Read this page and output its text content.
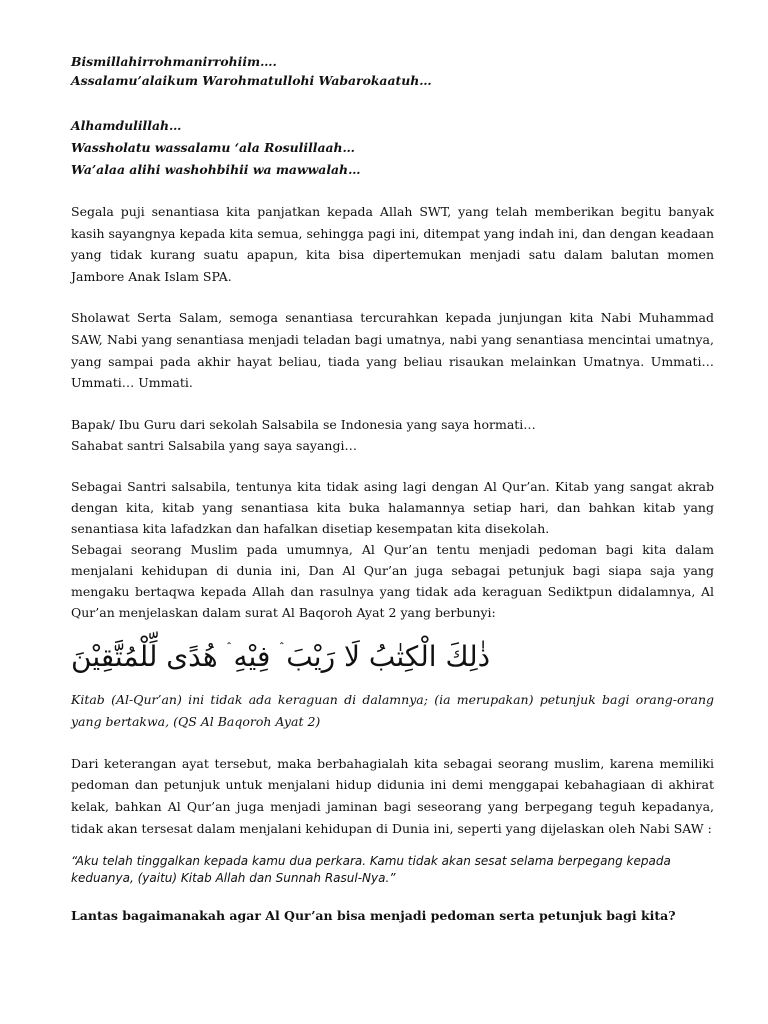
Bismillahirrohmanirrohiim….
Assalamu’alaikum Warohmatullohi Wabarokaatuh…
Alhamdulillah…
Wassholatu wassalamu ‘ala Rosulillaah…
Wa’alaa alihi washohbihii wa mawwalah…

Segala puji senantiasa kita panjatkan kepada Allah SWT, yang telah memberikan begitu banyak kasih sayangnya kepada kita semua, sehingga pagi ini, ditempat yang indah ini, dan dengan keadaan yang tidak kurang suatu apapun, kita bisa dipertemukan menjadi satu dalam balutan momen Jambore Anak Islam SPA.

Sholawat Serta Salam, semoga senantiasa tercurahkan kepada junjungan kita Nabi Muhammad SAW, Nabi yang senantiasa menjadi teladan bagi umatnya, nabi yang senantiasa mencintai umatnya, yang sampai pada akhir hayat beliau, tiada yang beliau risaukan melainkan Umatnya. Ummati… Ummati… Ummati.

Bapak/ Ibu Guru dari sekolah Salsabila se Indonesia yang saya hormati…
Sahabat santri Salsabila yang saya sayangi…

Sebagai Santri salsabila, tentunya kita tidak asing lagi dengan Al Qur’an. Kitab yang sangat akrab dengan kita, kitab yang senantiasa kita buka halamannya setiap hari, dan bahkan kitab yang senantiasa kita lafadzkan dan hafalkan disetiap kesempatan kita disekolah.

Sebagai seorang Muslim pada umumnya, Al Qur’an tentu menjadi pedoman bagi kita dalam menjalani kehidupan di dunia ini, Dan Al Qur’an juga sebagai petunjuk bagi siapa saja yang mengaku bertaqwa kepada Allah dan rasulnya yang tidak ada keraguan Sediktpun didalamnya, Al Qur’an menjelaskan dalam surat Al Baqoroh Ayat 2 yang berbunyi:

ذٰلِكَ الْكِتٰبُ لَا رَيْبَ ۛ فِيْهِ ۛ هُدًى لِّلْمُتَّقِيْنَ

Kitab (Al-Qur’an) ini tidak ada keraguan di dalamnya; (ia merupakan) petunjuk bagi orang-orang yang bertakwa, (QS Al Baqoroh Ayat 2)

Dari keterangan ayat tersebut, maka berbahagialah kita sebagai seorang muslim, karena memiliki pedoman dan petunjuk untuk menjalani hidup didunia ini demi menggapai kebahagiaan di akhirat kelak, bahkan Al Qur’an juga menjadi jaminan bagi seseorang yang berpegang teguh kepadanya, tidak akan tersesat dalam menjalani kehidupan di Dunia ini, seperti yang dijelaskan oleh Nabi SAW :

“Aku telah tinggalkan kepada kamu dua perkara. Kamu tidak akan sesat selama berpegang kepada keduanya, (yaitu) Kitab Allah dan Sunnah Rasul-Nya.”

Lantas bagaimanakah agar Al Qur’an bisa menjadi pedoman serta petunjuk bagi kita?
